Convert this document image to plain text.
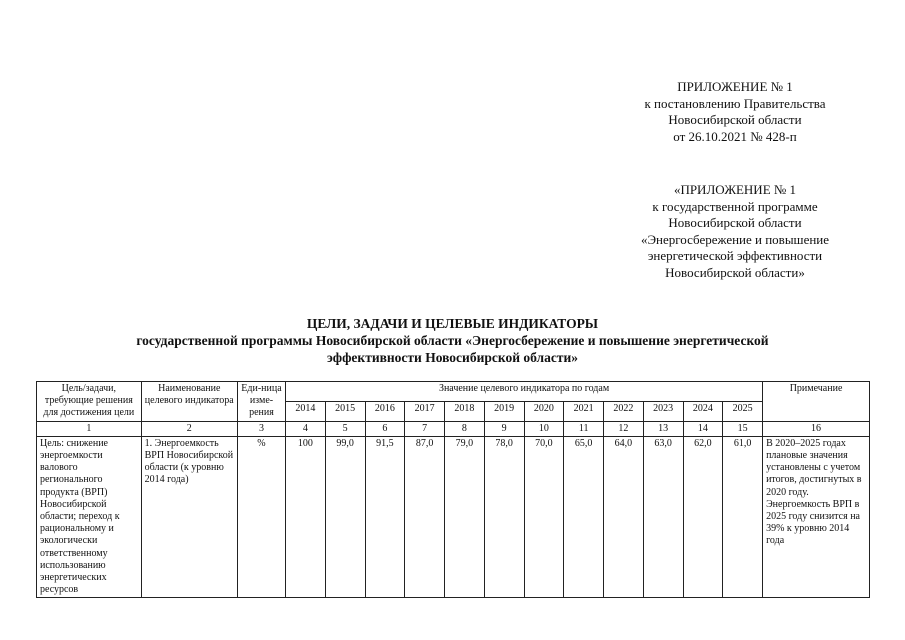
ПРИЛОЖЕНИЕ № 1
к постановлению Правительства
Новосибирской области
от 26.10.2021 № 428-п
«ПРИЛОЖЕНИЕ № 1
к государственной программе
Новосибирской области
«Энергосбережение и повышение
энергетической эффективности
Новосибирской области»
ЦЕЛИ, ЗАДАЧИ И ЦЕЛЕВЫЕ ИНДИКАТОРЫ
государственной программы Новосибирской области «Энергосбережение и повышение энергетической
эффективности Новосибирской области»
Цель/задачи, требующие решения для достижения цели	Наименование целевого индикатора	Еди-ница изме-рения	Значение целевого индикатора по годам												Примечание
			2014	2015	2016	2017	2018	2019	2020	2021	2022	2023	2024	2025	
1	2	3	4	5	6	7	8	9	10	11	12	13	14	15	16
Цель: снижение энергоемкости валового регионального продукта (ВРП) Новосибирской области; переход к рациональному и экологически ответственному использованию энергетических ресурсов	1. Энергоемкость ВРП Новосибирской области (к уровню 2014 года)	%	100	99,0	91,5	87,0	79,0	78,0	70,0	65,0	64,0	63,0	62,0	61,0	В 2020–2025 годах плановые значения установлены с учетом итогов, достигнутых в 2020 году. Энергоемкость ВРП в 2025 году снизится на 39% к уровню 2014 года
